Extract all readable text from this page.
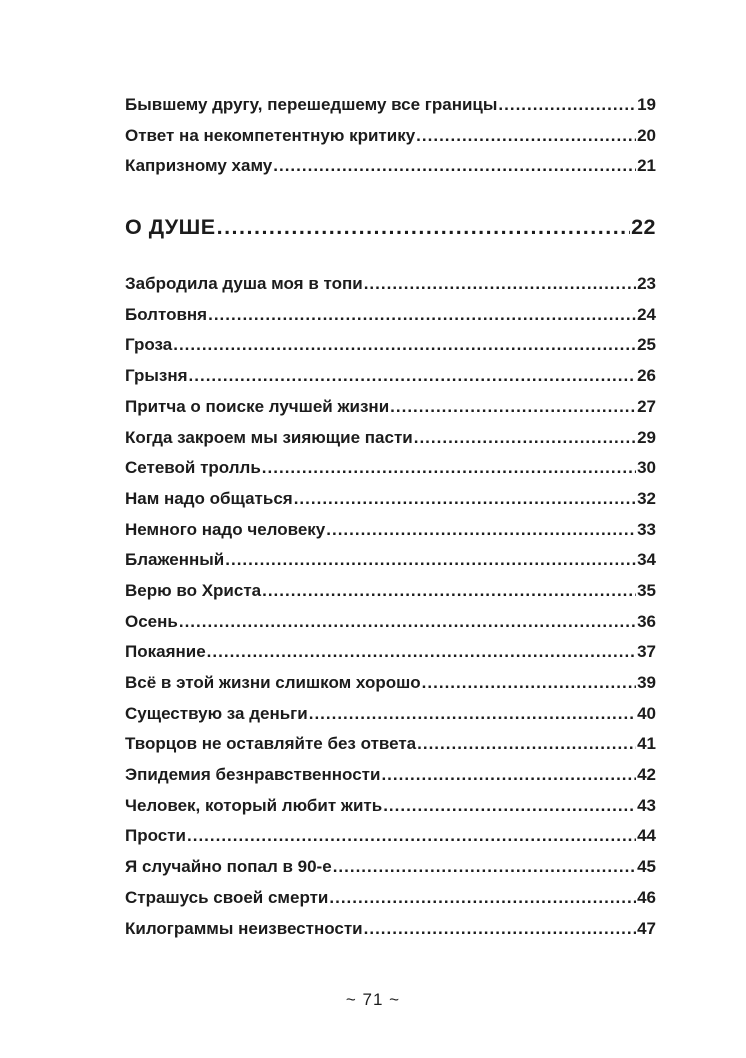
Бывшему другу, перешедшему все границы .....	19
Ответ на некомпетентную критику .....	20
Капризному хаму .....	21
О ДУШЕ .....	22
Забродила душа моя в топи .....	23
Болтовня .....	24
Гроза .....	25
Грызня .....	26
Притча о поиске лучшей жизни .....	27
Когда закроем мы зияющие пасти .....	29
Сетевой тролль .....	30
Нам надо общаться .....	32
Немного надо человеку .....	33
Блаженный .....	34
Верю во Христа .....	35
Осень .....	36
Покаяние .....	37
Всё в этой жизни слишком хорошо .....	39
Существую за деньги .....	40
Творцов не оставляйте без ответа .....	41
Эпидемия безнравственности .....	42
Человек, который любит жить .....	43
Прости .....	44
Я случайно попал в 90-е .....	45
Страшусь своей смерти .....	46
Килограммы неизвестности .....	47
~ 71 ~
